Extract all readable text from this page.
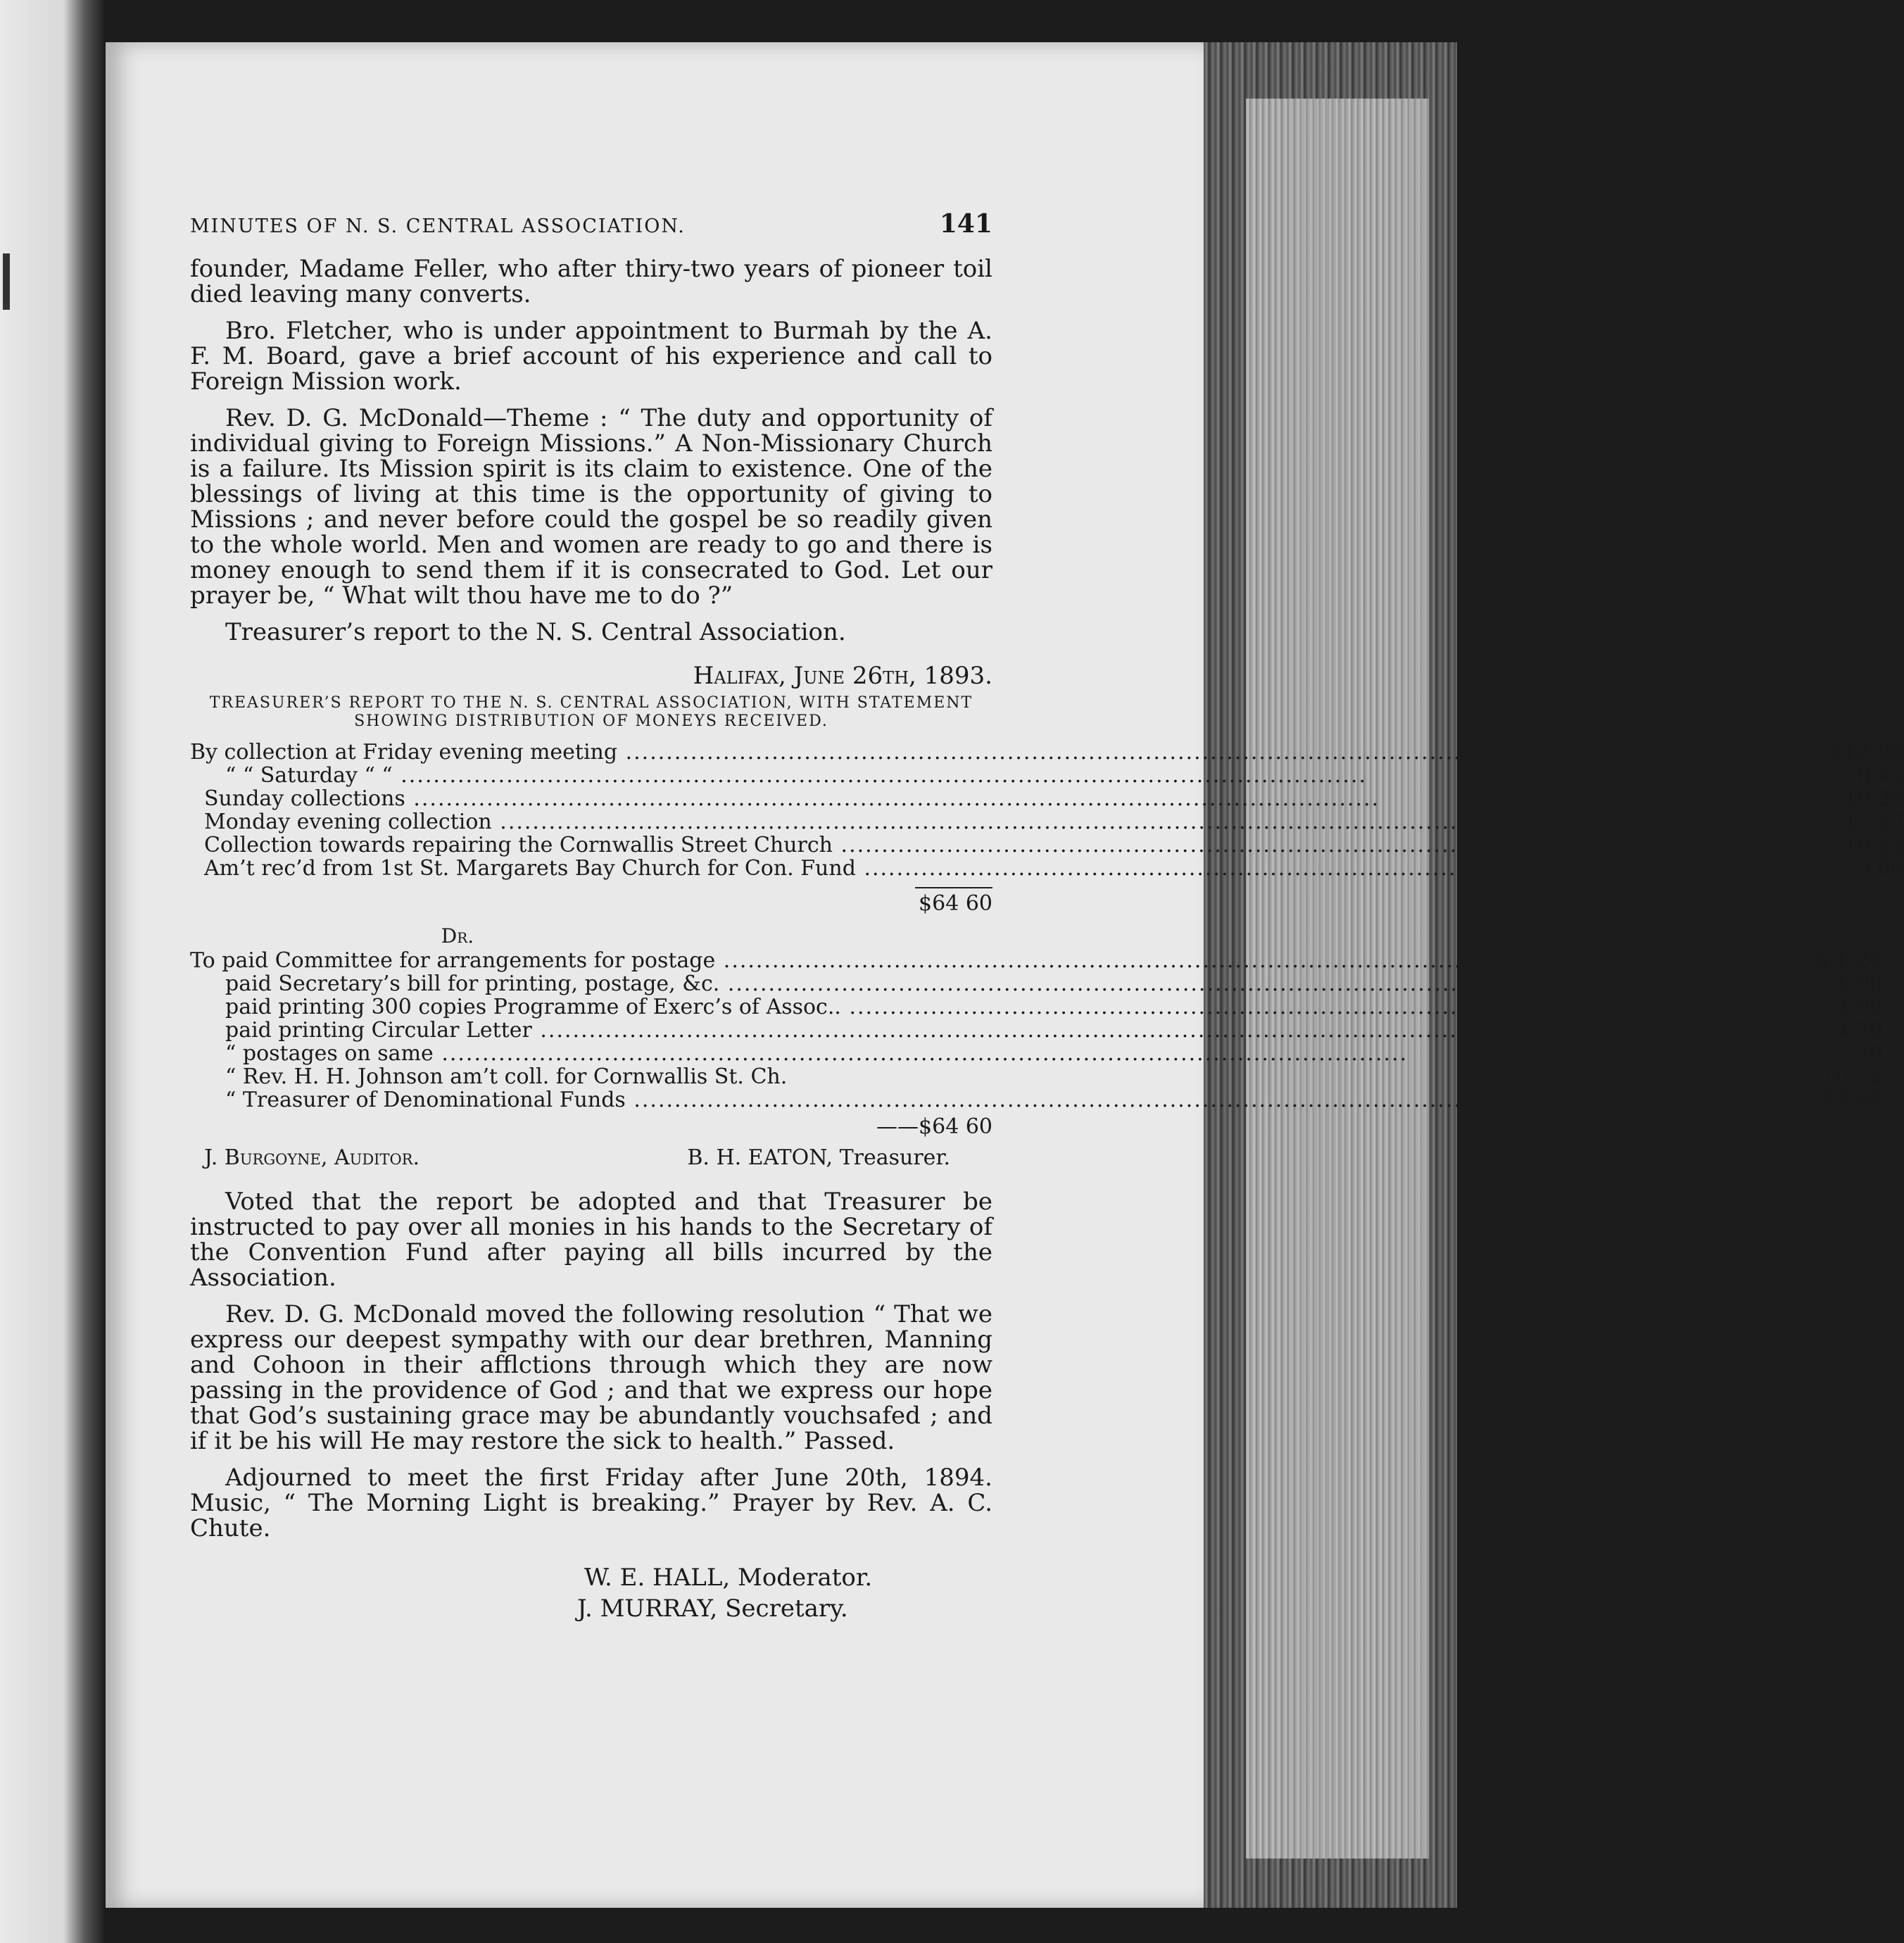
MINUTES OF N. S. CENTRAL ASSOCIATION.	141

founder, Madame Feller, who after thiry-two years of pioneer toil died leaving many converts.

Bro. Fletcher, who is under appointment to Burmah by the A. F. M. Board, gave a brief account of his experience and call to Foreign Mission work.

Rev. D. G. McDonald—Theme : “ The duty and opportunity of individual giving to Foreign Missions.” A Non-Missionary Church is a failure. Its Mission spirit is its claim to existence. One of the blessings of living at this time is the opportunity of giving to Missions ; and never before could the gospel be so readily given to the whole world. Men and women are ready to go and there is money enough to send them if it is consecrated to God. Let our prayer be, “ What wilt thou have me to do ?”

Treasurer’s report to the N. S. Central Association.

Halifax, June 26th, 1893.
TREASURER’S REPORT TO THE N. S. CENTRAL ASSOCIATION, WITH STATEMENT SHOWING DISTRIBUTION OF MONEYS RECEIVED.
By collection at Friday evening meeting .....	$12 96
“ “ Saturday “ “ .....	8 45
Sunday collections .....	10 20
Monday evening collection .....	17 47
Collection towards repairing the Cornwallis Street Church .....	10 52
Am’t rec’d from 1st St. Margarets Bay Church for Con. Fund .....	5 00
$64 60
Dr.
To paid Committee for arrangements for postage .....	$ 1 24
paid Secretary’s bill for printing, postage, &c. .....	1 00
paid printing 300 copies Programme of Exerc’s of Assoc.. .....	3 00
paid printing Circular Letter .....	4 50
“ postages on same .....	50
“ Rev. H. H. Johnson am’t coll. for Cornwallis St. Ch.	10 52
“ Treasurer of Denominational Funds .....	43 84
——$64 60
J. Burgoyne, Auditor.	B. H. EATON, Treasurer.

Voted that the report be adopted and that Treasurer be instructed to pay over all monies in his hands to the Secretary of the Convention Fund after paying all bills incurred by the Association.

Rev. D. G. McDonald moved the following resolution “ That we express our deepest sympathy with our dear brethren, Manning and Cohoon in their afflctions through which they are now passing in the providence of God ; and that we express our hope that God’s sustaining grace may be abundantly vouchsafed ; and if it be his will He may restore the sick to health.” Passed.

Adjourned to meet the first Friday after June 20th, 1894. Music, “ The Morning Light is breaking.” Prayer by Rev. A. C. Chute.

W. E. HALL, Moderator.
J. MURRAY, Secretary.
